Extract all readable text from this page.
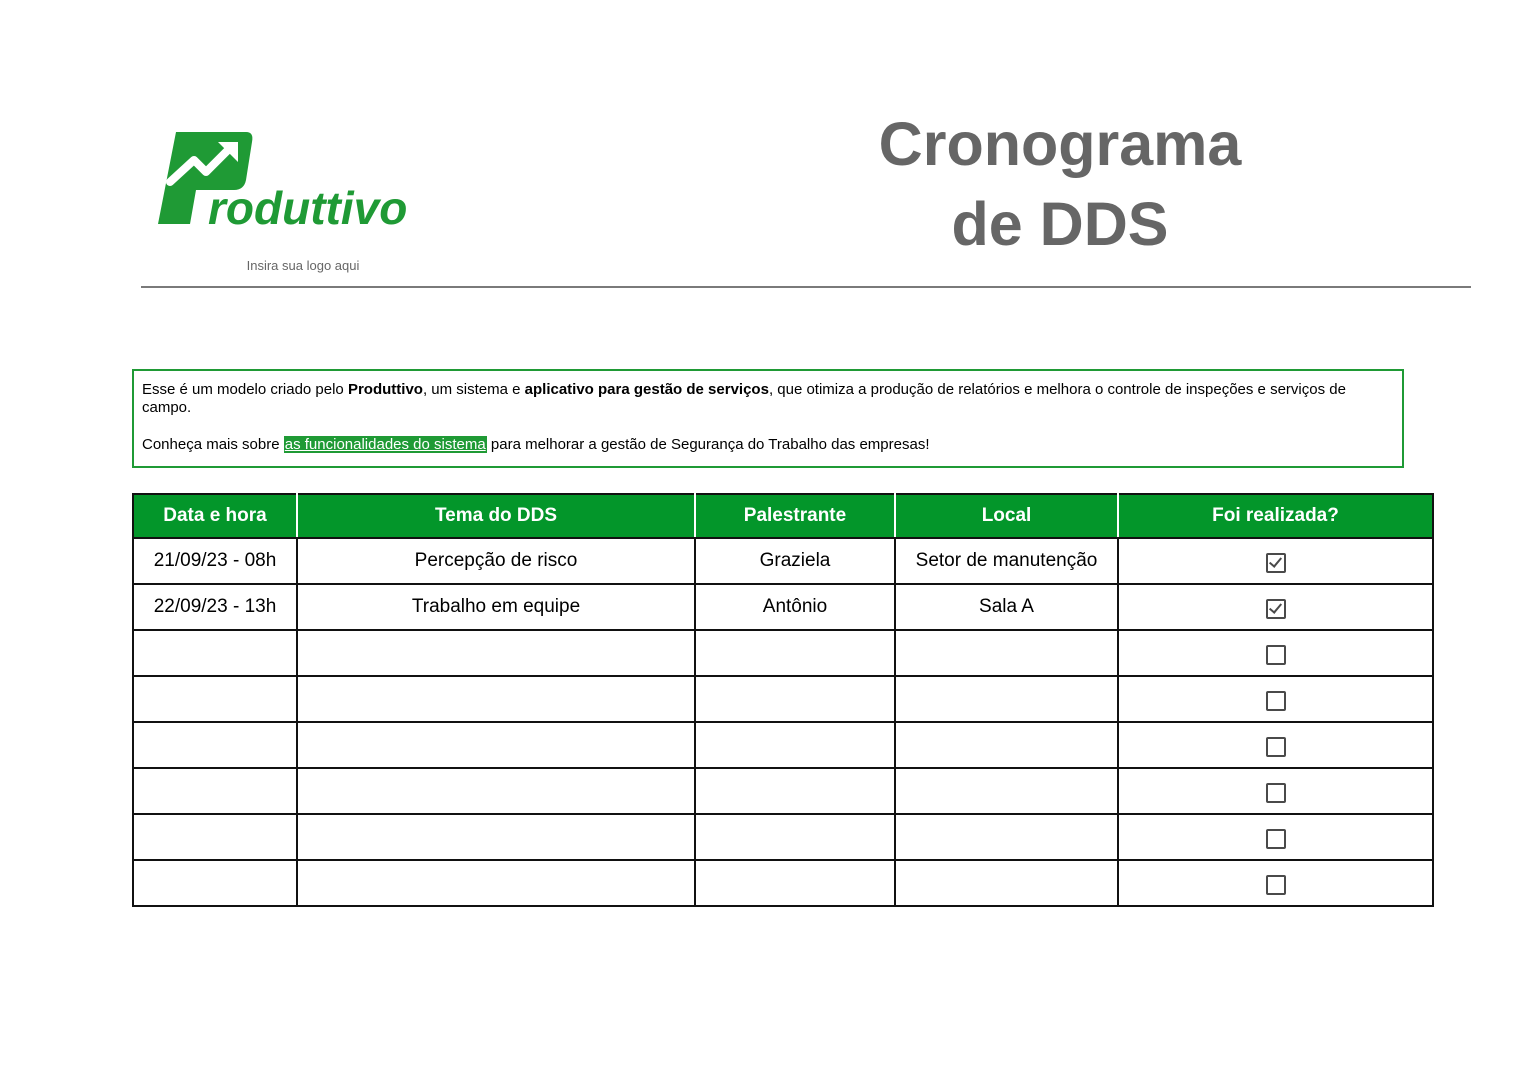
roduttivo
Insira sua logo aqui
Cronograma
de DDS

Esse é um modelo criado pelo Produttivo, um sistema e aplicativo para gestão de serviços, que otimiza a produção de relatórios e melhora o controle de inspeções e serviços de campo.

Conheça mais sobre as funcionalidades do sistema para melhorar a gestão de Segurança do Trabalho das empresas!

Data e hora	Tema do DDS	Palestrante	Local	Foi realizada?
21/09/23 - 08h	Percepção de risco	Graziela	Setor de manutenção	
22/09/23 - 13h	Trabalho em equipe	Antônio	Sala A	
